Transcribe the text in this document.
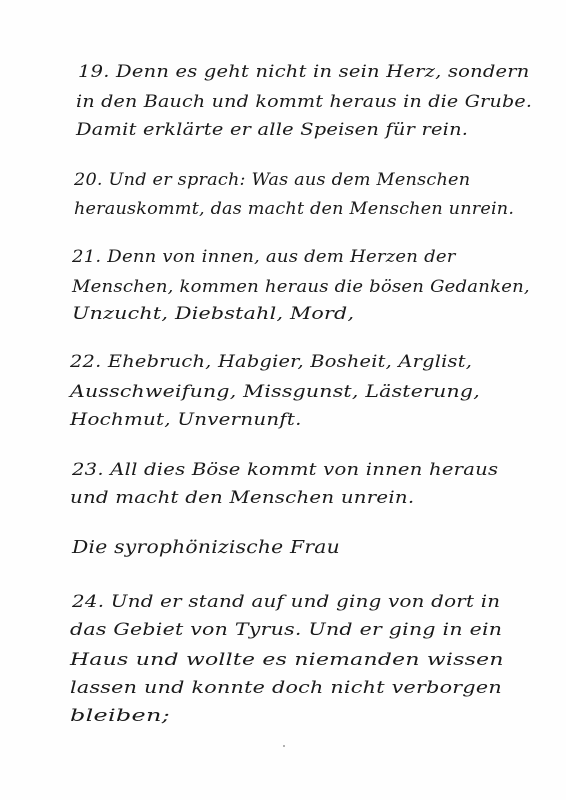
19. Denn es geht nicht in sein Herz, sondern
in den Bauch und kommt heraus in die Grube.
Damit erklärte er alle Speisen für rein.
20. Und er sprach: Was aus dem Menschen
herauskommt, das macht den Menschen unrein.
21. Denn von innen, aus dem Herzen der
Menschen, kommen heraus die bösen Gedanken,
Unzucht, Diebstahl, Mord,
22. Ehebruch, Habgier, Bosheit, Arglist,
Ausschweifung, Missgunst, Lästerung,
Hochmut, Unvernunft.
23. All dies Böse kommt von innen heraus
und macht den Menschen unrein.
Die syrophönizische Frau
24. Und er stand auf und ging von dort in
das Gebiet von Tyrus. Und er ging in ein
Haus und wollte es niemanden wissen
lassen und konnte doch nicht verborgen
bleiben;
